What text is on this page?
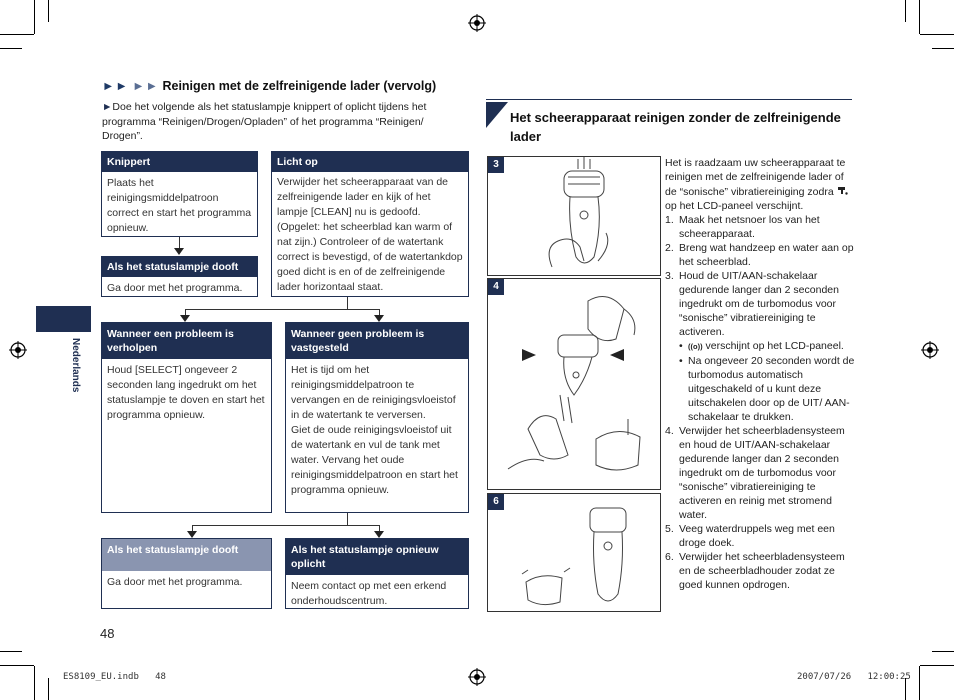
Nederlands
►► ►► Reinigen met de zelfreinigende lader (vervolg)
►Doe het volgende als het statuslampje knippert of oplicht tijdens het programma “Reinigen/Drogen/Opladen” of het programma “Reinigen/ Drogen”.
Knippert
Plaats het reinigingsmiddelpatroon correct en start het programma opnieuw.
Als het statuslampje dooft
Ga door met het programma.
Licht op
Verwijder het scheerapparaat van de zelfreinigende lader en kijk of het lampje [CLEAN] nu is gedoofd. (Opgelet: het scheerblad kan warm of nat zijn.) Controleer of de watertank correct is bevestigd, of de watertankdop goed dicht is en of de zelfreinigende lader horizontaal staat.
Wanneer een probleem is verholpen
Houd [SELECT] ongeveer 2 seconden lang ingedrukt om het statuslampje te doven en start het programma opnieuw.
Wanneer geen probleem is vastgesteld
Het is tijd om het reinigingsmiddelpatroon te vervangen en de reinigingsvloeistof in de watertank te verversen.
Giet de oude reinigingsvloeistof uit de watertank en vul de tank met water. Vervang het oude reinigingsmiddelpatroon en start het programma opnieuw.
Als het statuslampje dooft
Ga door met het programma.
Als het statuslampje opnieuw oplicht
Neem contact op met een erkend onderhoudscentrum.
48
Het scheerapparaat reinigen zonder de zelfreinigende lader
3
4
6

Het is raadzaam uw scheerapparaat te reinigen met de zelfreinigende lader of de “sonische” vibratiereiniging zodra  op het LCD-paneel verschijnt.

1. Maak het netsnoer los van het scheerapparaat.
2. Breng wat handzeep en water aan op het scheerblad.
3. Houd de UIT/AAN-schakelaar gedurende langer dan 2 seconden ingedrukt om de turbomodus voor “sonische” vibratiereiniging te activeren.
• ((o)) verschijnt op het LCD-paneel.
• Na ongeveer 20 seconden wordt de turbomodus automatisch uitgeschakeld of u kunt deze uitschakelen door op de UIT/ AAN-schakelaar te drukken.
4. Verwijder het scheerbladensysteem en houd de UIT/AAN-schakelaar gedurende langer dan 2 seconden ingedrukt om de turbomodus voor “sonische” vibratiereiniging te activeren en reinig met stromend water.
5. Veeg waterdruppels weg met een droge doek.
6. Verwijder het scheerbladensysteem en de scheerbladhouder zodat ze goed kunnen opdrogen.
ES8109_EU.indb 48	2007/07/26 12:00:25
